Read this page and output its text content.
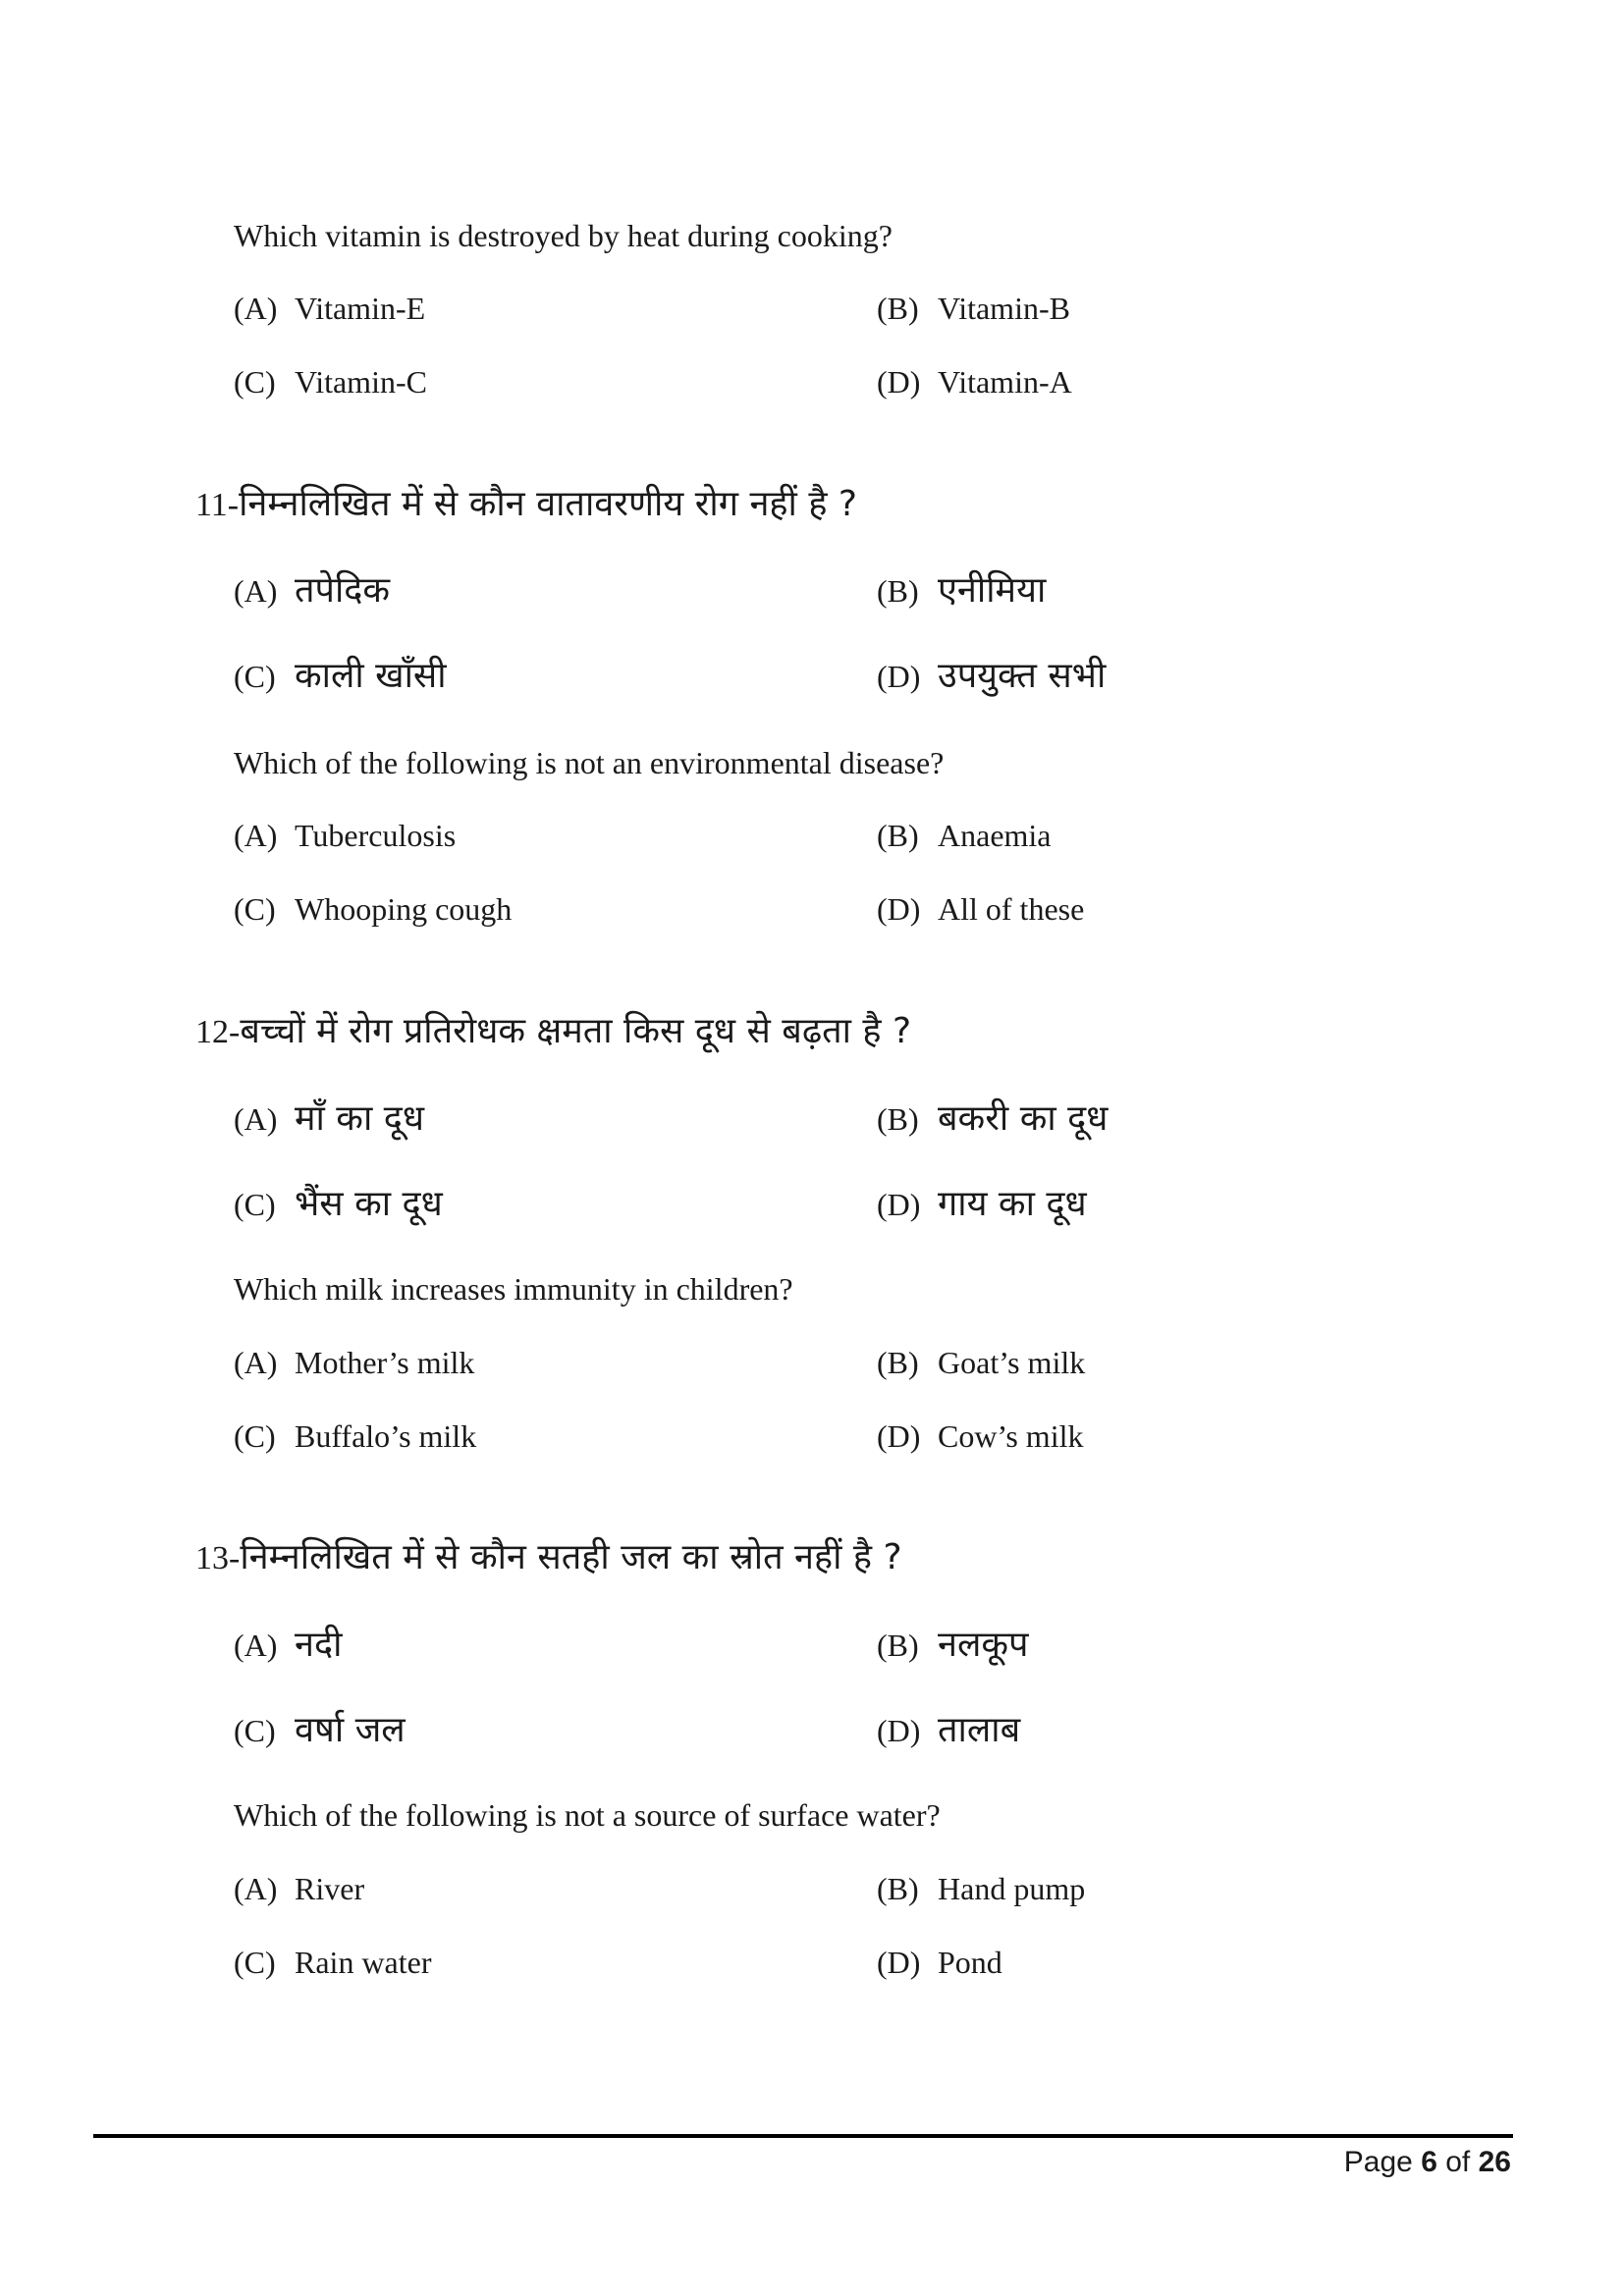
Which vitamin is destroyed by heat during cooking?
(A) Vitamin-E	(B) Vitamin-B
(C) Vitamin-C	(D) Vitamin-A
11-निम्नलिखित में से कौन वातावरणीय रोग नहीं है ?
(A) तपेदिक	(B) एनीमिया
(C) काली खाँसी	(D) उपयुक्त सभी
Which of the following is not an environmental disease?
(A) Tuberculosis	(B) Anaemia
(C) Whooping cough	(D) All of these
12-बच्चों में रोग प्रतिरोधक क्षमता किस दूध से बढ़ता है ?
(A) माँ का दूध	(B) बकरी का दूध
(C) भैंस का दूध	(D) गाय का दूध
Which milk increases immunity in children?
(A) Mother’s milk	(B) Goat’s milk
(C) Buffalo’s milk	(D) Cow’s milk
13-निम्नलिखित में से कौन सतही जल का स्रोत नहीं है ?
(A) नदी	(B) नलकूप
(C) वर्षा जल	(D) तालाब
Which of the following is not a source of surface water?
(A) River	(B) Hand pump
(C) Rain water	(D) Pond
Page 6 of 26
